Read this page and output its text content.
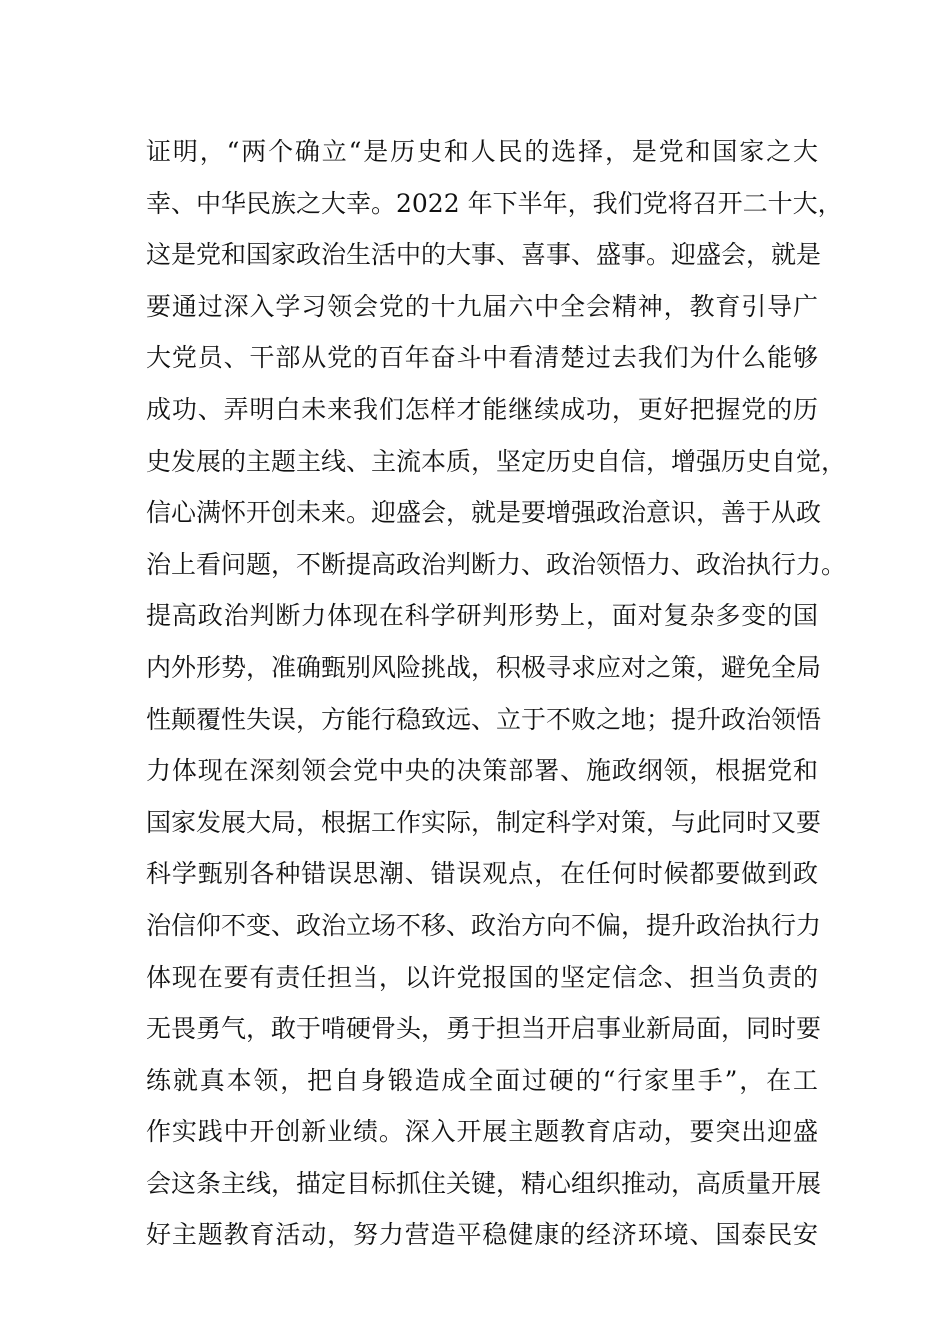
证明，“两个确立“是历史和人民的选择，是党和国家之大
幸、中华民族之大幸。2022 年下半年，我们党将召开二十大，
这是党和国家政治生活中的大事、喜事、盛事。迎盛会，就是
要通过深入学习领会党的十九届六中全会精神，教育引导广
大党员、干部从党的百年奋斗中看清楚过去我们为什么能够
成功、弄明白未来我们怎样才能继续成功，更好把握党的历
史发展的主题主线、主流本质，坚定历史自信，增强历史自觉，
信心满怀开创未来。迎盛会，就是要增强政治意识，善于从政
治上看问题，不断提高政治判断力、政治领悟力、政治执行力。
提高政治判断力体现在科学研判形势上，面对复杂多变的国
内外形势，准确甄别风险挑战，积极寻求应对之策，避免全局
性颠覆性失误，方能行稳致远、立于不败之地；提升政治领悟
力体现在深刻领会党中央的决策部署、施政纲领，根据党和
国家发展大局，根据工作实际，制定科学对策，与此同时又要
科学甄别各种错误思潮、错误观点，在任何时候都要做到政
治信仰不变、政治立场不移、政治方向不偏，提升政治执行力
体现在要有责任担当，以许党报国的坚定信念、担当负责的
无畏勇气，敢于啃硬骨头，勇于担当开启事业新局面，同时要
练就真本领，把自身锻造成全面过硬的“行家里手”，在工
作实践中开创新业绩。深入开展主题教育店动，要突出迎盛
会这条主线，描定目标抓住关键，精心组织推动，高质量开展
好主题教育活动，努力营造平稳健康的经济环境、国泰民安
